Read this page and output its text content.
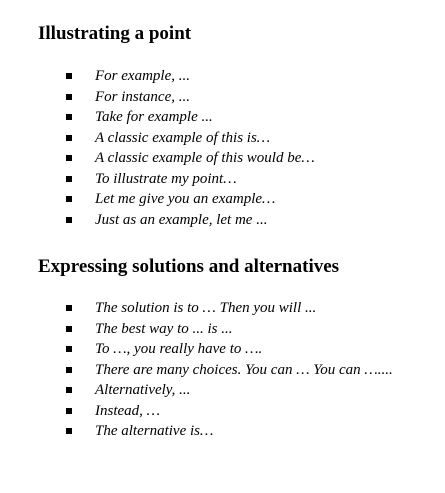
Illustrating a point
For example, ...
For instance, ...
Take for example ...
A classic example of this is…
A classic example of this would be…
To illustrate my point…
Let me give you an example…
Just as an example, let me ...
Expressing solutions and alternatives
The solution is to … Then you will ...
The best way to ... is ...
To …, you really have to ….
There are many choices. You can … You can …....
Alternatively, ...
Instead, …
The alternative is…
